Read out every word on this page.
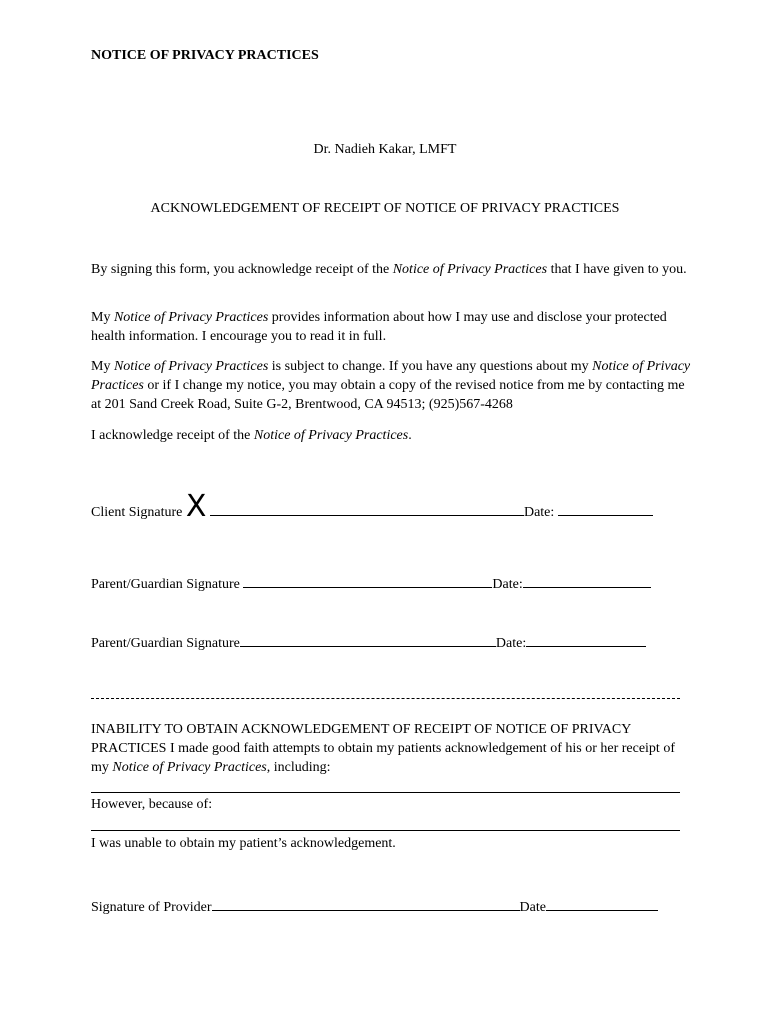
NOTICE OF PRIVACY PRACTICES
Dr. Nadieh Kakar, LMFT
ACKNOWLEDGEMENT OF RECEIPT OF NOTICE OF PRIVACY PRACTICES
By signing this form, you acknowledge receipt of the Notice of Privacy Practices that I have given to you.
My Notice of Privacy Practices provides information about how I may use and disclose your protected health information. I encourage you to read it in full.
My Notice of Privacy Practices is subject to change. If you have any questions about my Notice of Privacy Practices or if I change my notice, you may obtain a copy of the revised notice from me by contacting me at 201 Sand Creek Road, Suite G-2, Brentwood, CA 94513; (925)567-4268
I acknowledge receipt of the Notice of Privacy Practices.
Client Signature X	Date:
Parent/Guardian Signature	Date:
Parent/Guardian Signature	Date:
INABILITY TO OBTAIN ACKNOWLEDGEMENT OF RECEIPT OF NOTICE OF PRIVACY PRACTICES I made good faith attempts to obtain my patients acknowledgement of his or her receipt of my Notice of Privacy Practices, including:
However, because of:
I was unable to obtain my patient’s acknowledgement.
Signature of Provider	Date
